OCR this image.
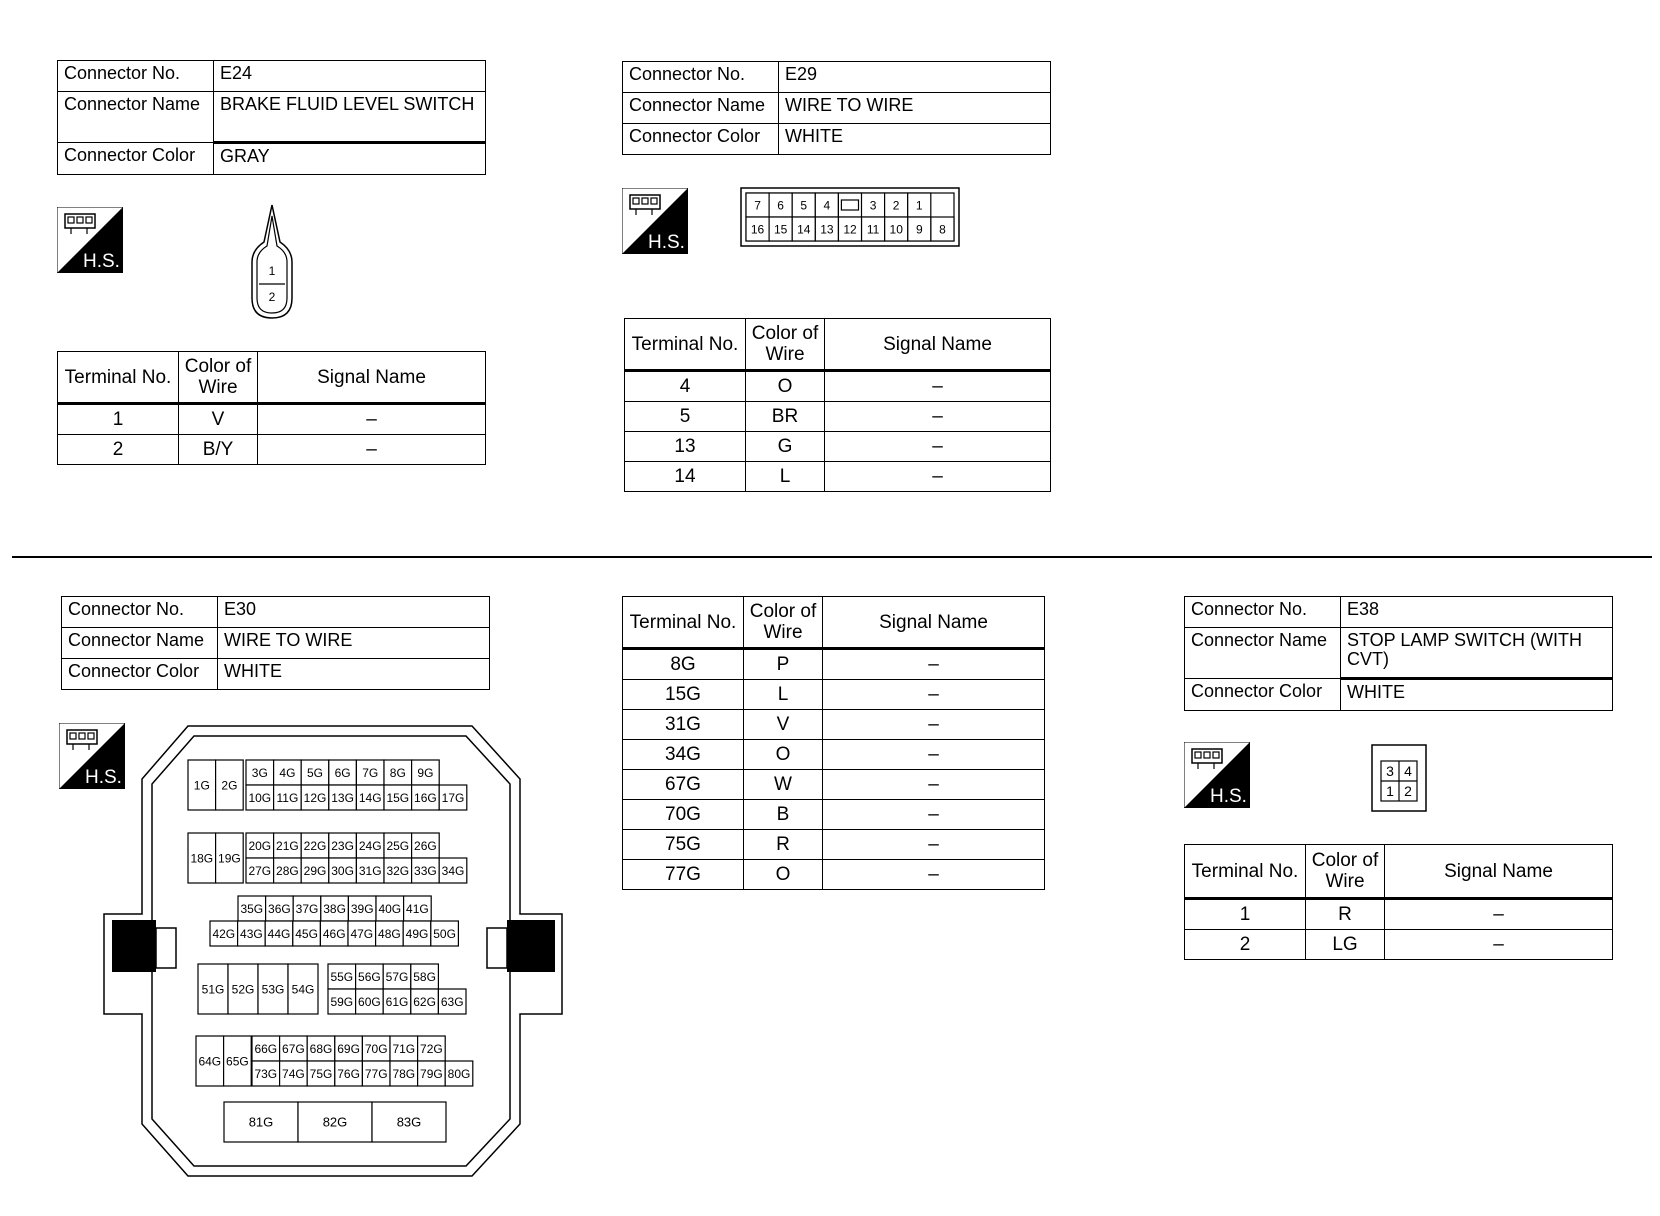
Connector No.	E24
Connector Name	BRAKE FLUID LEVEL SWITCH
Connector Color	GRAY
H.S.	1
2
Terminal No.	Color of Wire	Signal Name
1	V	–
2	B/Y	–
Connector No.	E29
Connector Name	WIRE TO WIRE
Connector Color	WHITE
H.S.
7 6 5 4	3 2 1
16 15 14 13 12 11 10 9 8
Terminal No.	Color of Wire	Signal Name
4	O	–
5	BR	–
13	G	–
14	L	–
Connector No.	E30
Connector Name	WIRE TO WIRE
Connector Color	WHITE
H.S.	3G 4G 5G 6G 7G 8G 9G
1G 2G
10G 11G 12G 13G 14G 15G 16G 17G
20G 21G 22G 23G 24G 25G 26G
18G 19G
27G 28G 29G 30G 31G 32G 33G 34G
35G 36G 37G 38G 39G 40G 41G
42G 43G 44G 45G 46G 47G 48G 49G 50G
55G 56G 57G 58G
51G 52G 53G 54G
59G 60G 61G 62G 63G
66G 67G 68G 69G 70G 71G 72G
64G 65G
73G 74G 75G 76G 77G 78G 79G 80G
81G	82G	83G
Terminal No.	Color of Wire	Signal Name
8G	P	–
15G	L	–
31G	V	–
34G	O	–
67G	W	–
70G	B	–
75G	R	–
77G	O	–
Connector No.	E38
Connector Name	STOP LAMP SWITCH (WITH CVT)
Connector Color	WHITE
H.S.
3 4
1 2
Terminal No.	Color of Wire	Signal Name
1	R	–
2	LG	–
